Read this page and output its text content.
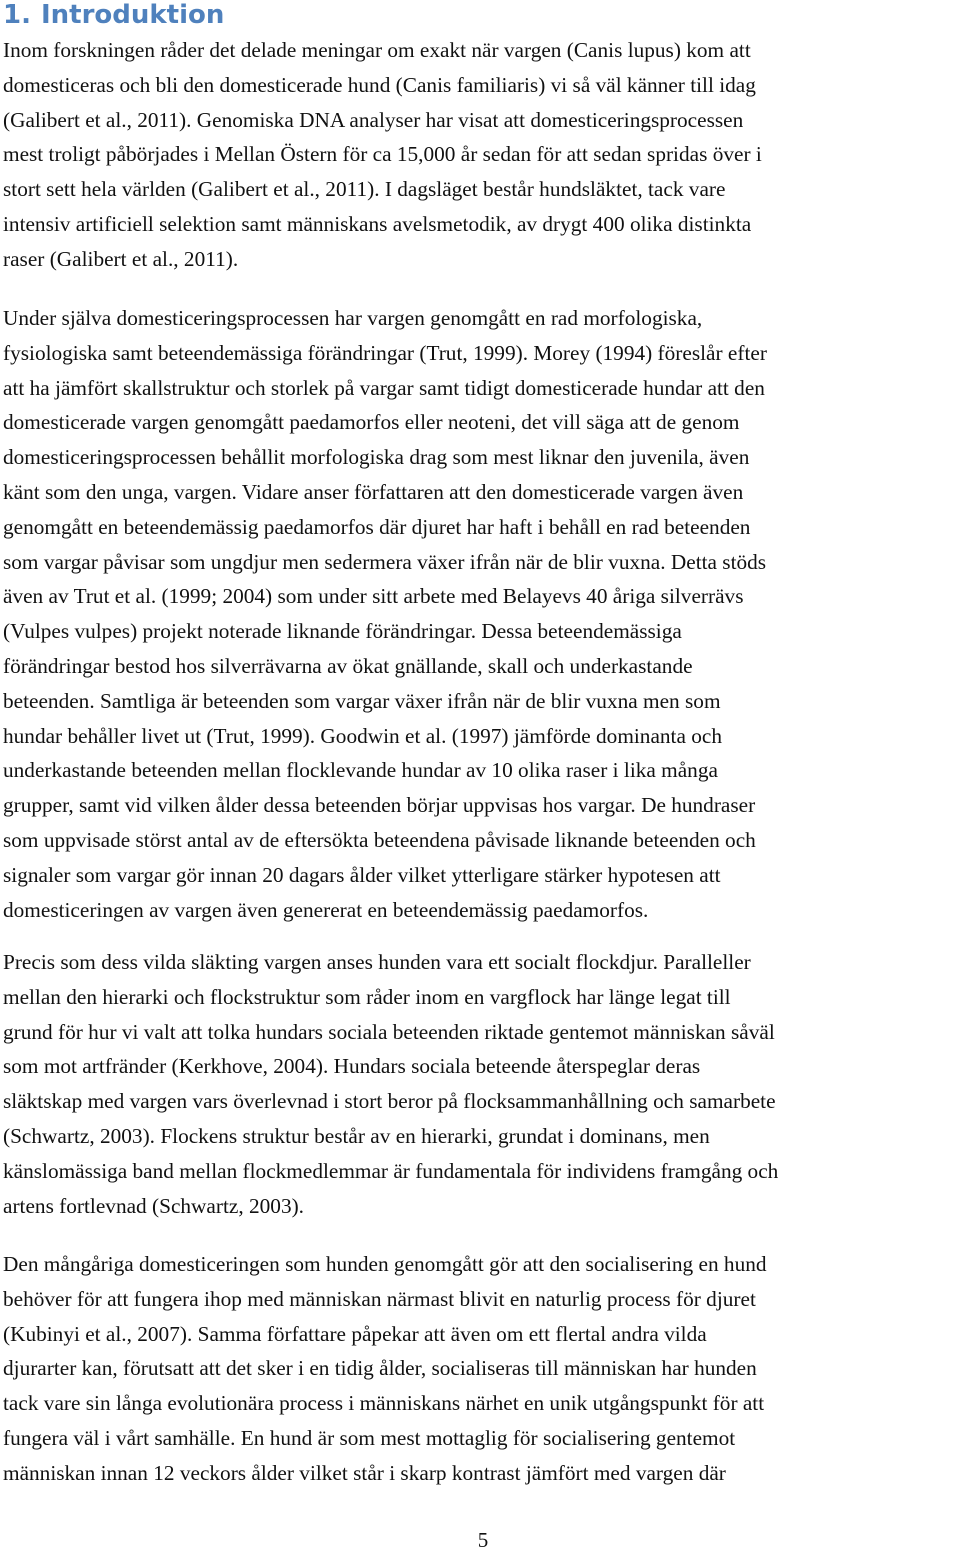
1. Introduktion
Inom forskningen råder det delade meningar om exakt när vargen (Canis lupus) kom att
domesticeras och bli den domesticerade hund (Canis familiaris) vi så väl känner till idag
(Galibert et al., 2011). Genomiska DNA analyser har visat att domesticeringsprocessen
mest troligt påbörjades i Mellan Östern för ca 15,000 år sedan för att sedan spridas över i
stort sett hela världen (Galibert et al., 2011). I dagsläget består hundsläktet, tack vare
intensiv artificiell selektion samt människans avelsmetodik, av drygt 400 olika distinkta
raser (Galibert et al., 2011).
Under själva domesticeringsprocessen har vargen genomgått en rad morfologiska,
fysiologiska samt beteendemässiga förändringar (Trut, 1999). Morey (1994) föreslår efter
att ha jämfört skallstruktur och storlek på vargar samt tidigt domesticerade hundar att den
domesticerade vargen genomgått paedamorfos eller neoteni, det vill säga att de genom
domesticeringsprocessen behållit morfologiska drag som mest liknar den juvenila, även
känt som den unga, vargen. Vidare anser författaren att den domesticerade vargen även
genomgått en beteendemässig paedamorfos där djuret har haft i behåll en rad beteenden
som vargar påvisar som ungdjur men sedermera växer ifrån när de blir vuxna. Detta stöds
även av Trut et al. (1999; 2004) som under sitt arbete med Belayevs 40 åriga silverrävs
(Vulpes vulpes) projekt noterade liknande förändringar. Dessa beteendemässiga
förändringar bestod hos silverrävarna av ökat gnällande, skall och underkastande
beteenden. Samtliga är beteenden som vargar växer ifrån när de blir vuxna men som
hundar behåller livet ut (Trut, 1999). Goodwin et al. (1997) jämförde dominanta och
underkastande beteenden mellan flocklevande hundar av 10 olika raser i lika många
grupper, samt vid vilken ålder dessa beteenden börjar uppvisas hos vargar. De hundraser
som uppvisade störst antal av de eftersökta beteendena påvisade liknande beteenden och
signaler som vargar gör innan 20 dagars ålder vilket ytterligare stärker hypotesen att
domesticeringen av vargen även genererat en beteendemässig paedamorfos.
Precis som dess vilda släkting vargen anses hunden vara ett socialt flockdjur. Paralleller
mellan den hierarki och flockstruktur som råder inom en vargflock har länge legat till
grund för hur vi valt att tolka hundars sociala beteenden riktade gentemot människan såväl
som mot artfränder (Kerkhove, 2004). Hundars sociala beteende återspeglar deras
släktskap med vargen vars överlevnad i stort beror på flocksammanhållning och samarbete
(Schwartz, 2003). Flockens struktur består av en hierarki, grundat i dominans, men
känslomässiga band mellan flockmedlemmar är fundamentala för individens framgång och
artens fortlevnad (Schwartz, 2003).
Den mångåriga domesticeringen som hunden genomgått gör att den socialisering en hund
behöver för att fungera ihop med människan närmast blivit en naturlig process för djuret
(Kubinyi et al., 2007). Samma författare påpekar att även om ett flertal andra vilda
djurarter kan, förutsatt att det sker i en tidig ålder, socialiseras till människan har hunden
tack vare sin långa evolutionära process i människans närhet en unik utgångspunkt för att
fungera väl i vårt samhälle. En hund är som mest mottaglig för socialisering gentemot
människan innan 12 veckors ålder vilket står i skarp kontrast jämfört med vargen där
5
